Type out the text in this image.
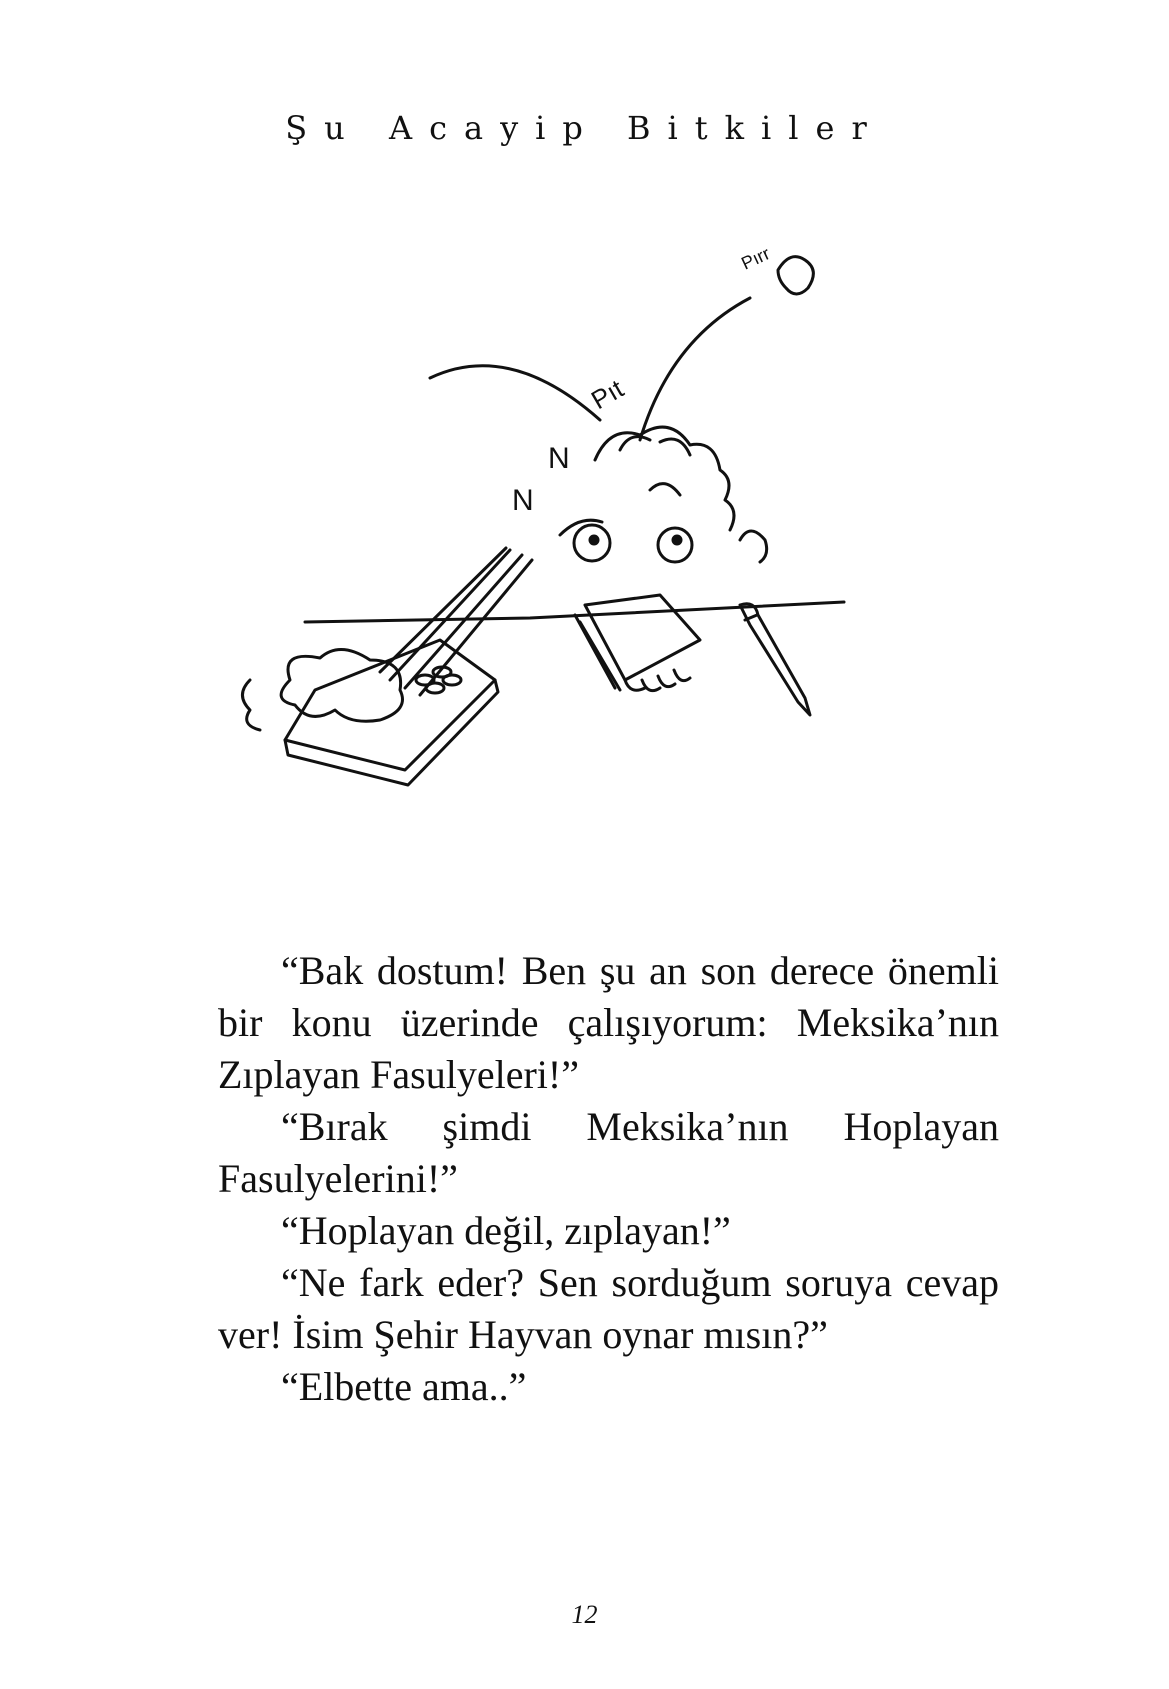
Şu Acayip Bitkiler
Pırr
Pıt
N
N

“Bak dostum! Ben şu an son derece önemli bir konu üzerinde çalışıyorum: Meksika’nın Zıplayan Fasulyeleri!”

“Bırak şimdi Meksika’nın Hoplayan Fasulyelerini!”

“Hoplayan değil, zıplayan!”

“Ne fark eder? Sen sorduğum soruya cevap ver! İsim Şehir Hayvan oynar mısın?”

“Elbette ama..”

12
